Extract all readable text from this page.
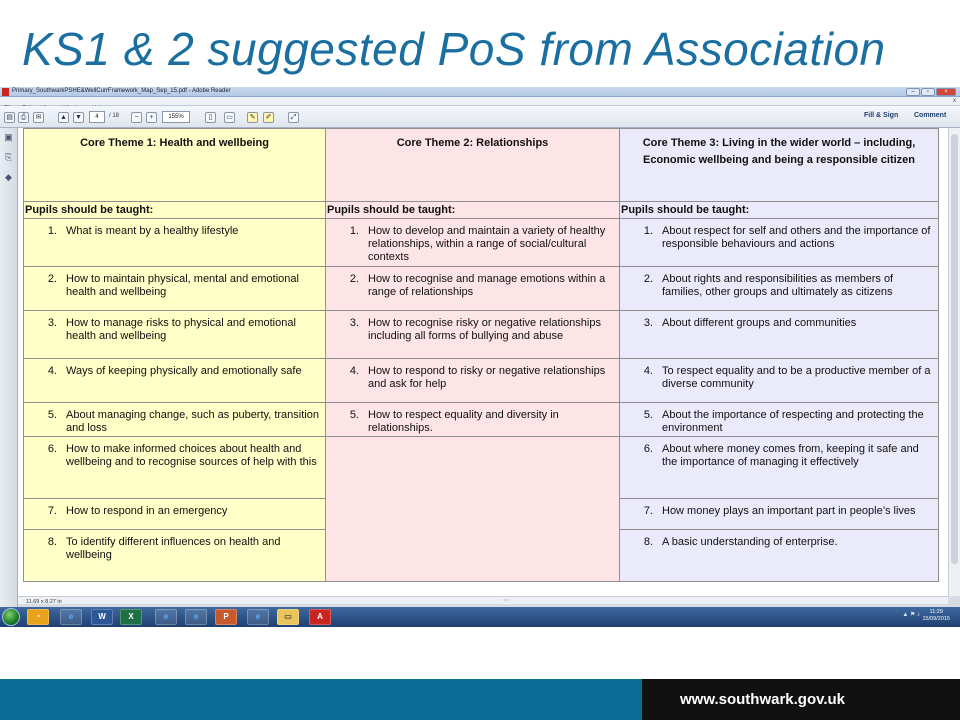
KS1 & 2 suggested PoS from Association
Primary_SouthwarkPSHE&WellCurrFramework_Map_Sep_15.pdf - Adobe Reader	–	▫	×
x
▤	⎙	✉	▲ ▼	4	/ 18	−	+	155%	▯	▭	✎	✐	⤢	Fill & Sign Comment
▣
⎘
◆
Core Theme 1: Health and wellbeing	Core Theme 2: Relationships	Core Theme 3: Living in the wider world – including, Economic wellbeing and being a responsible citizen
Pupils should be taught:	Pupils should be taught:	Pupils should be taught:

1. What is meant by a healthy lifestyle	1. How to develop and maintain a variety of healthy relationships, within a range of social/cultural contexts	1. About respect for self and others and the importance of responsible behaviours and actions

2. How to maintain physical, mental and emotional health and wellbeing	2. How to recognise and manage emotions within a range of relationships	2. About rights and responsibilities as members of families, other groups and ultimately as citizens

3. How to manage risks to physical and emotional health and wellbeing	3. How to recognise risky or negative relationships including all forms of bullying and abuse	3. About different groups and communities

4. Ways of keeping physically and emotionally safe	4. How to respond to risky or negative relationships and ask for help	4. To respect equality and to be a productive member of a diverse community

5. About managing change, such as puberty, transition and loss	5. How to respect equality and diversity in relationships.	5. About the importance of respecting and protecting the environment

6. How to make informed choices about health and wellbeing and to recognise sources of help with this		6. About where money comes from, keeping it safe and the importance of managing it effectively

7. How to respond in an emergency		7. How money plays an important part in people’s lives

8. To identify different influences on health and wellbeing		8. A basic understanding of enterprise.
⋯
11.69 x 8.27 in
◔	e	W	X	e	e	P	e	▭	A	▲ ⚑ ♪	11:29
15/09/2015
www.southwark.gov.uk
